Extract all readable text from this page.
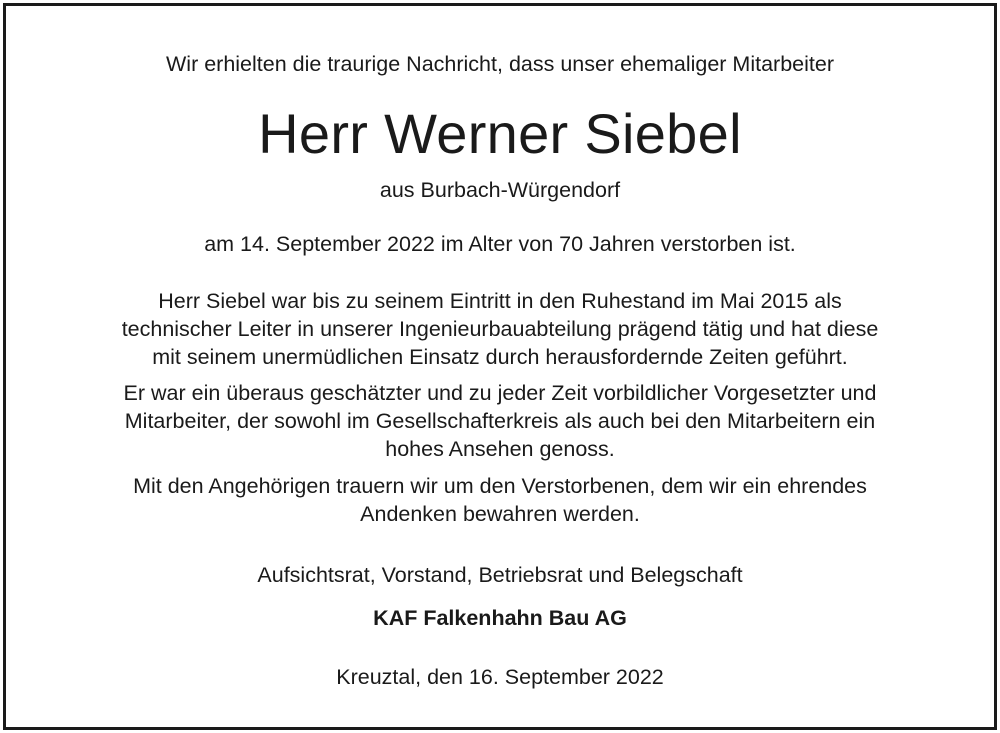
Wir erhielten die traurige Nachricht, dass unser ehemaliger Mitarbeiter

Herr Werner Siebel

aus Burbach-Würgendorf

am 14. September 2022 im Alter von 70 Jahren verstorben ist.

Herr Siebel war bis zu seinem Eintritt in den Ruhestand im Mai 2015 als
technischer Leiter in unserer Ingenieurbauabteilung prägend tätig und hat diese
mit seinem unermüdlichen Einsatz durch herausfordernde Zeiten geführt.
Er war ein überaus geschätzter und zu jeder Zeit vorbildlicher Vorgesetzter und
Mitarbeiter, der sowohl im Gesellschafterkreis als auch bei den Mitarbeitern ein
hohes Ansehen genoss.
Mit den Angehörigen trauern wir um den Verstorbenen, dem wir ein ehrendes
Andenken bewahren werden.

Aufsichtsrat, Vorstand, Betriebsrat und Belegschaft

KAF Falkenhahn Bau AG

Kreuztal, den 16. September 2022
